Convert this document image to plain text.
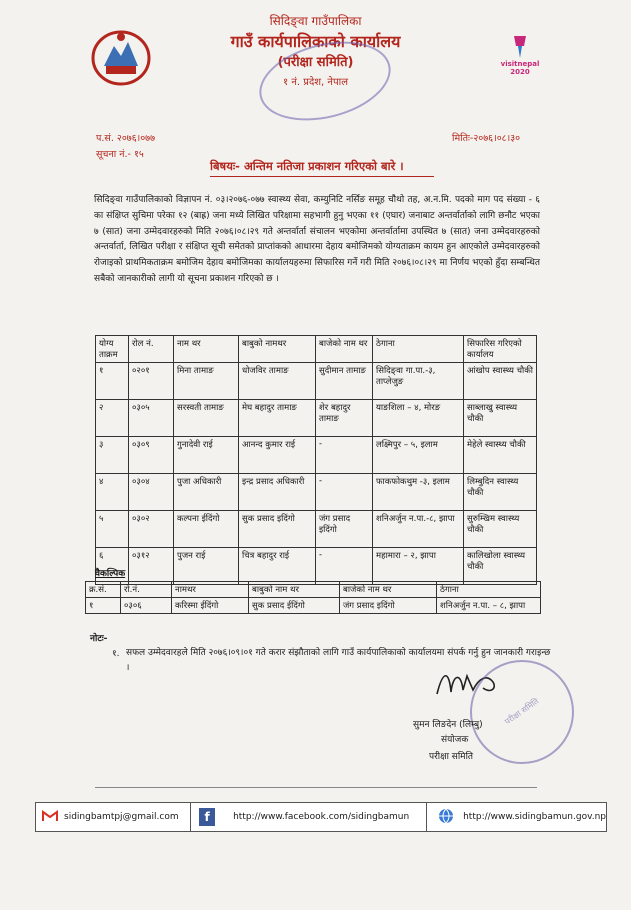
सिदिङ्वा गाउँपालिका
गाउँ कार्यपालिकाको कार्यालय
(परीक्षा समिति)
१ नं. प्रदेश, नेपाल
visitnepal 2020
प.सं. २०७६।०७७
सूचना नं.- १५
मितिः-२०७६।०८।३०
बिषयः- अन्तिम नतिजा प्रकाशन गरिएको बारे ।
सिदिङ्वा गाउँपालिकाको विज्ञापन नं. ०३।२०७६-०७७ स्वास्थ्य सेवा, कम्युनिटि नर्सिङ समूह चौथो तह, अ.न.मि. पदको माग पद संख्या - ६ का संक्षिप्त सुचिमा परेका १२ (बाह्र) जना मध्ये लिखित परिक्षामा सहभागी हुनु भएका ११ (एघार) जनाबाट अन्तर्वार्ताको लागि छनौट भएका ७ (सात) जना उम्मेदवारहरुको मिति २०७६।०८।२९ गते अन्तर्वार्ता संचालन भएकोमा अन्तर्वार्तामा उपस्थित ७ (सात) जना उम्मेदवारहरुको अन्तर्वार्ता, लिखित परीक्षा र संक्षिप्त सूची समेतको प्राप्तांकको आधारमा देहाय बमोजिमको योग्यताक्रम कायम हुन आएकोले उम्मेदवारहरुको रोजाइको प्राथमिकताक्रम बमोजिम देहाय बमोजिमका कार्यालयहरुमा सिफारिस गर्ने गरी मिति २०७६।०८।२९ मा निर्णय भएको हुँदा सम्बन्धित सबैको जानकारीको लागी यो सूचना प्रकाशन गरिएको छ ।
योग्य ताक्रम	रोल नं.	नाम थर	बाबुको नामथर	बाजेको नाम थर	ठेगाना	सिफारिस गरिएको कार्यालय
१	०२०१	मिना तामाङ	धोजविर तामाङ	सुदीमान तामाङ	सिदिङ्वा गा.पा.-३, ताप्लेजुङ	आंखोप स्वास्थ्य चौकी
२	०३०५	सरस्वती तामाङ	मेघ बहादुर तामाङ	शेर बहादुर तामाङ	याङशिला – ४, मोरङ	साब्लाखु स्वास्थ्य चौकी
३	०३०९	गुनादेवी राई	आनन्द कुमार राई	-	लक्ष्मिपुर – ५, इलाम	मेहेले स्वास्थ्य चौकी
४	०३०४	पुजा अधिकारी	इन्द्र प्रसाद अधिकारी	-	फाकफोकथुम -३, इलाम	लिम्बुदिन स्वास्थ्य चौकी
५	०३०२	कल्पना ईदिंगो	सुक प्रसाद इदिंगो	जंग प्रसाद इदिंगो	शनिअर्जुन न.पा.-८, झापा	सुरुम्खिम स्वास्थ्य चौकी
६	०३१२	पुजन राई	चित्र बहादुर राई	-	महामारा – २, झापा	कालिखोला स्वास्थ्य चौकी
वैकल्पिक
क्र.सं.	रो.नं.	नामथर	बाबुको नाम थर	बाजेको नाम थर	ठेगाना
१	०३०६	करिस्मा ईदिंगो	सुक प्रसाद ईदिंगो	जंग प्रसाद इदिंगो	शनिअर्जुन न.पा. – ८, झापा
नोटः-
१. सफल उम्मेदवारहले मिति २०७६।०९।०१ गते करार संझौताको लागि गाउँ कार्यपालिकाको कार्यालयमा संपर्क गर्नु हुन जानकारी गराइन्छ ।
परीक्षा समिति
सुमन लिङदेन (लिम्बु)
संयोजक
परीक्षा समिति
sidingbamtpj@gmail.com	f	http://www.facebook.com/sidingbamun	http://www.sidingbamun.gov.np
